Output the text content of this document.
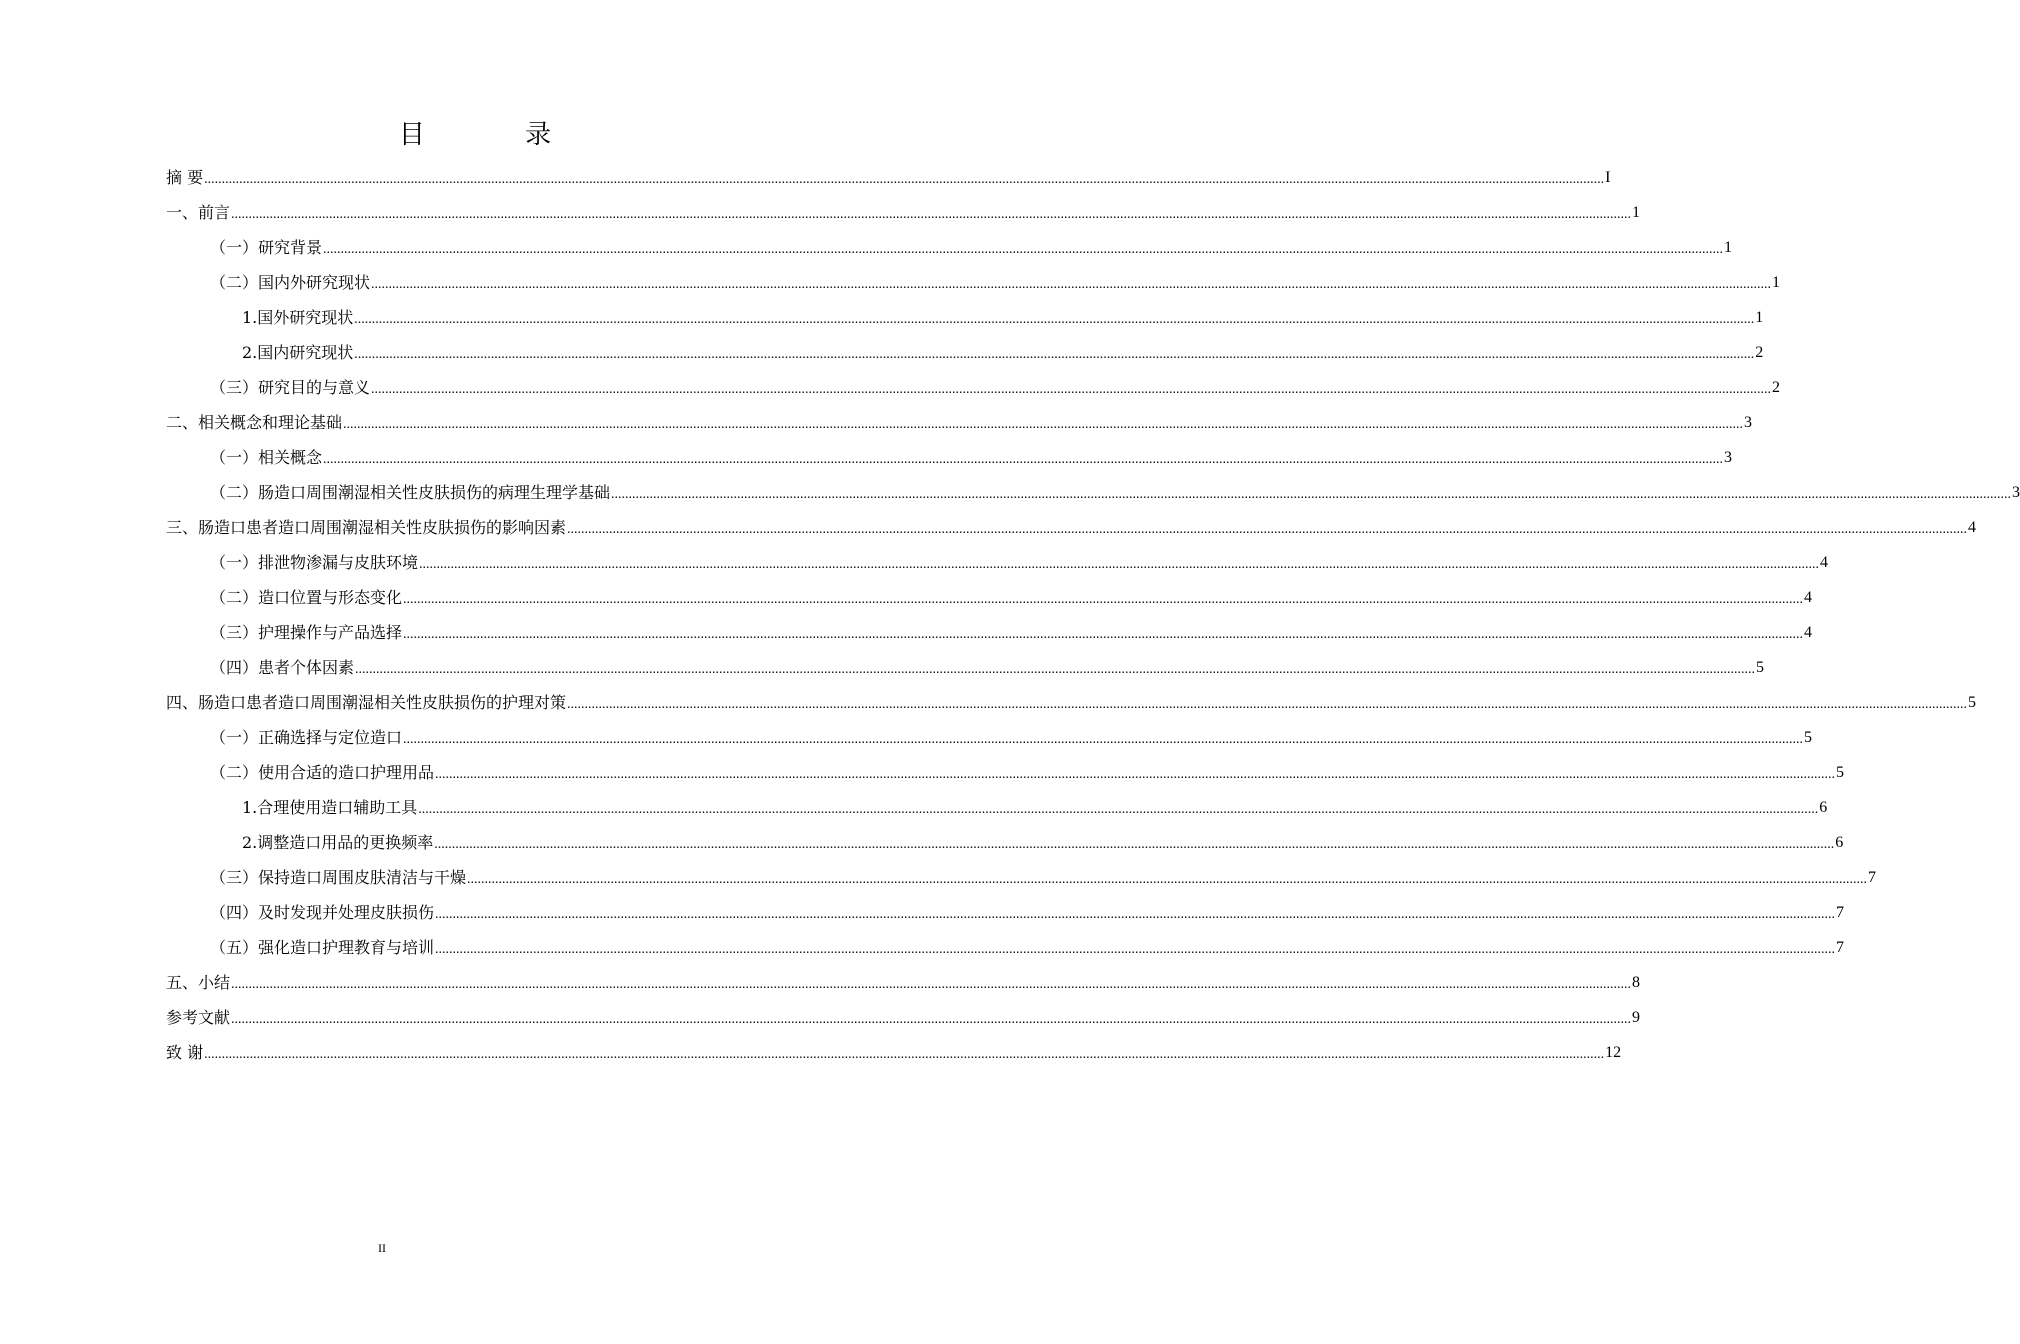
目 录
摘 要 ................................................................................................................................................................................................................................................................................................................................................................................................................ I
一、 前言 ................................................................................................................................................................................................................................................................................................................................................................................................................ 1
（一） 研究背景 ................................................................................................................................................................................................................................................................................................................................................................................................................ 1
（二） 国内外研究现状 ................................................................................................................................................................................................................................................................................................................................................................................................................ 1
1. 国外研究现状 ................................................................................................................................................................................................................................................................................................................................................................................................................ 1
2. 国内研究现状 ................................................................................................................................................................................................................................................................................................................................................................................................................ 2
（三） 研究目的与意义 ................................................................................................................................................................................................................................................................................................................................................................................................................ 2
二、 相关概念和理论基础 ................................................................................................................................................................................................................................................................................................................................................................................................................ 3
（一） 相关概念 ................................................................................................................................................................................................................................................................................................................................................................................................................ 3
（二） 肠造口周围潮湿相关性皮肤损伤的病理生理学基础 ................................................................................................................................................................................................................................................................................................................................................................................................................ 3
三、 肠造口患者造口周围潮湿相关性皮肤损伤的影响因素 ................................................................................................................................................................................................................................................................................................................................................................................................................ 4
（一） 排泄物渗漏与皮肤环境 ................................................................................................................................................................................................................................................................................................................................................................................................................ 4
（二） 造口位置与形态变化 ................................................................................................................................................................................................................................................................................................................................................................................................................ 4
（三） 护理操作与产品选择 ................................................................................................................................................................................................................................................................................................................................................................................................................ 4
（四） 患者个体因素 ................................................................................................................................................................................................................................................................................................................................................................................................................ 5
四、 肠造口患者造口周围潮湿相关性皮肤损伤的护理对策 ................................................................................................................................................................................................................................................................................................................................................................................................................ 5
（一） 正确选择与定位造口 ................................................................................................................................................................................................................................................................................................................................................................................................................ 5
（二） 使用合适的造口护理用品 ................................................................................................................................................................................................................................................................................................................................................................................................................ 5
1. 合理使用造口辅助工具 ................................................................................................................................................................................................................................................................................................................................................................................................................ 6
2. 调整造口用品的更换频率 ................................................................................................................................................................................................................................................................................................................................................................................................................ 6
（三） 保持造口周围皮肤清洁与干燥 ................................................................................................................................................................................................................................................................................................................................................................................................................ 7
（四） 及时发现并处理皮肤损伤 ................................................................................................................................................................................................................................................................................................................................................................................................................ 7
（五） 强化造口护理教育与培训 ................................................................................................................................................................................................................................................................................................................................................................................................................ 7
五、 小结 ................................................................................................................................................................................................................................................................................................................................................................................................................ 8
参考文献 ................................................................................................................................................................................................................................................................................................................................................................................................................ 9
致 谢 ................................................................................................................................................................................................................................................................................................................................................................................................................ 12
II
